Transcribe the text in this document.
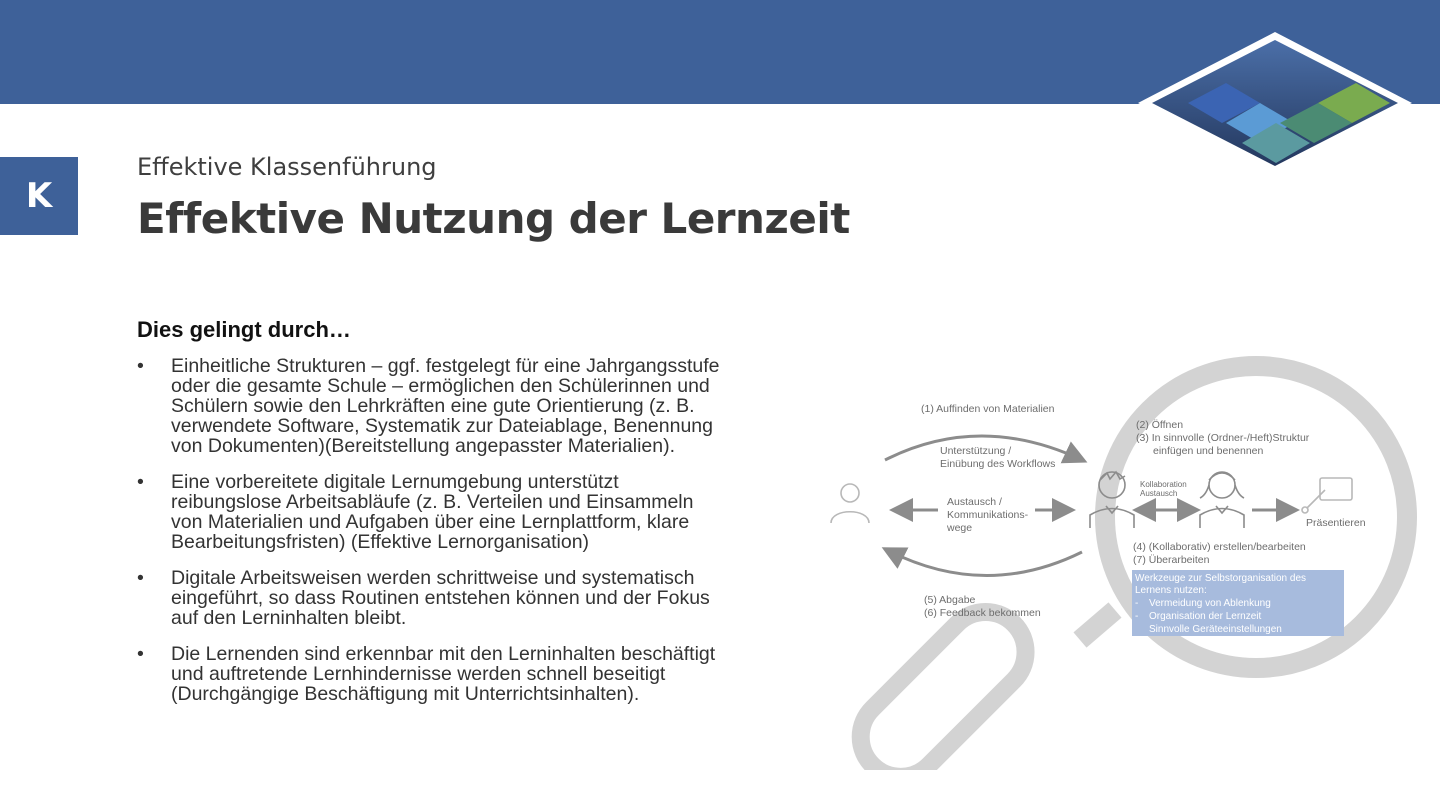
K
Effektive Klassenführung
Effektive Nutzung der Lernzeit
Dies gelingt durch…
• Einheitliche Strukturen – ggf. festgelegt für eine Jahrgangsstufe
oder die gesamte Schule – ermöglichen den Schülerinnen und
Schülern sowie den Lehrkräften eine gute Orientierung (z. B.
verwendete Software, Systematik zur Dateiablage, Benennung
von Dokumenten)(Bereitstellung angepasster Materialien).
• Eine vorbereitete digitale Lernumgebung unterstützt
reibungslose Arbeitsabläufe (z. B. Verteilen und Einsammeln
von Materialien und Aufgaben über eine Lernplattform, klare
Bearbeitungsfristen) (Effektive Lernorganisation)
• Digitale Arbeitsweisen werden schrittweise und systematisch
eingeführt, so dass Routinen entstehen können und der Fokus
auf den Lerninhalten bleibt.
• Die Lernenden sind erkennbar mit den Lerninhalten beschäftigt
und auftretende Lernhindernisse werden schnell beseitigt
(Durchgängige Beschäftigung mit Unterrichtsinhalten).
(1) Auffinden von Materialien
Unterstützung /
Einübung des Workflows
Austausch /
Kommunikations-
wege
(2) Öffnen
(3) In sinnvolle (Ordner-/Heft)Struktur
einfügen und benennen
Kollaboration
Austausch
Präsentieren
(4) (Kollaborativ) erstellen/bearbeiten
(7) Überarbeiten
Werkzeuge zur Selbstorganisation des
Lernens nutzen:
- Vermeidung von Ablenkung
- Organisation der Lernzeit
Sinnvolle Geräteeinstellungen
(5) Abgabe
(6) Feedback bekommen
